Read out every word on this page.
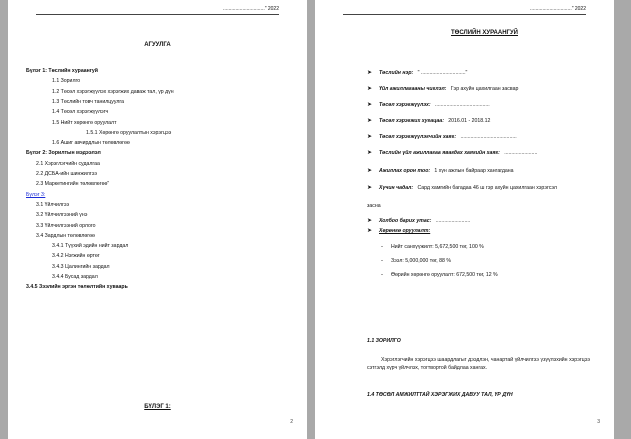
.............................." 2022
АГУУЛГА
Бүлэг 1: Төслийн хураангуй
1.1 Зорилго
1.2 Төсөл хэрэгжүүлэх хэрэгжих даваж тал, үр дүн
1.3 Төслийн товч танилцуулга
1.4 Төсөл хэрэгжүүлэгч
1.5 Нийт хөрөнгө оруулалт
1.5.1 Хөрөнгө оруулалтын хэрэгцээ
1.6 Ашиг авчирдлын төлөвлөгөө
Бүлэг 2: Зорилтын мэдээлэл
2.1 Хэрэглэгчийн судалгаа
2.2 ДСБА-ийн шинжилгээ
2.3 Маркетингийн төлөвлөгөө"
Бүлэг 3:
3.1 Үйлчилгээ
3.2 Үйлчилгээний үнэ
3.3 Үйлчилгээний орлого
3.4 Зардлын төлөвлөгөө
3.4.1 Түүхий эдийн нийт зардал
3.4.2 Нэгжийн өртөг
3.4.3 Цалингийн зардал
3.4.4 Бусад зардал
3.4.5 Зээлийн эргэн төлөлтийн хуваарь
БҮЛЭГ 1:
2
.............................." 2022
ТӨСЛИЙН ХУРААНГУЙ
➤ Төслийн нэр: " ..............................."
➤ Үйл ажиллагааны чиглэл: Гэр ахуйн цахилгаан засвар
➤ Төсөл хэрэгжүүлэх: ......................................
➤ Төсөл хэрэгжих хугацаа: 2016.01 - 2018.12
➤ Төсөл хэрэгжүүлэгчийн хаяг: .......................................
➤ Төслийн үйл ажиллагаа явагдах хаягийн хаяг: .......................
➤ Ажиллах орон тоо: 1 хүн ажлын байраар хангагдана
➤ Хүчин чадал: Сард хамгийн багадаа 46 ш гэр ахуйн цахилгаан хэрэгсэл
засна
➤ Холбоо барих утас: ........................
➤ Хөрөнгө оруулалт:
- Нийт санхүүжилт: 5,672,500 төг, 100 %
- Зээл: 5,000,000 төг, 88 %
- Өөрийн хөрөнгө оруулалт: 672,500 төг, 12 %
1.1 ЗОРИЛГО
Хэрэглэгчийн хэрэгцээ шаардлагыг дээдлэн, чанартай үйлчилгээ үзүүлэхийн хэрэгцээ сэтгэлд хүрч үйлчлэх, тогтвортой байдлаа хангах.
1.4 ТӨСӨЛ АМЖИЛТТАЙ ХЭРЭГЖИХ ДАВУУ ТАЛ, ҮР ДҮН
3
